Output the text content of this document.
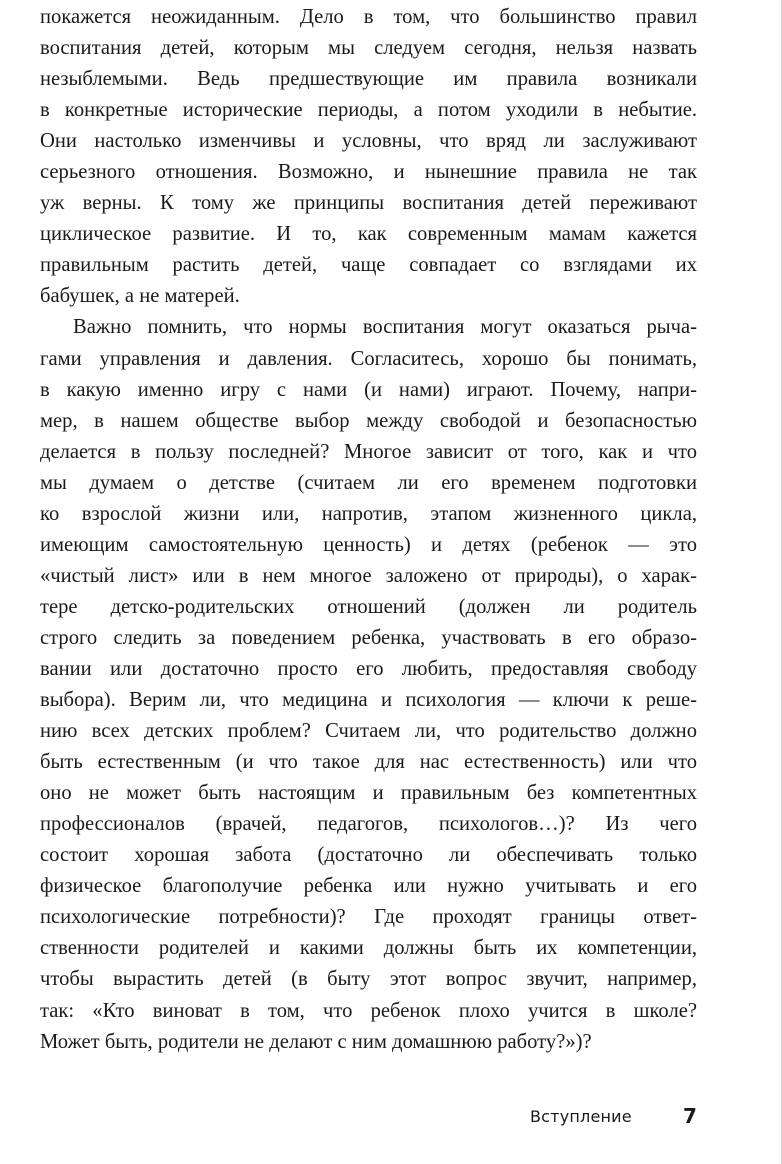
покажется неожиданным. Дело в том, что большинство правил
воспитания детей, которым мы следуем сегодня, нельзя назвать
незыблемыми. Ведь предшествующие им правила возникали
в конкретные исторические периоды, а потом уходили в небытие.
Они настолько изменчивы и условны, что вряд ли заслуживают
серьезного отношения. Возможно, и нынешние правила не так
уж верны. К тому же принципы воспитания детей переживают
циклическое развитие. И то, как современным мамам кажется
правильным растить детей, чаще совпадает со взглядами их
бабушек, а не матерей.
Важно помнить, что нормы воспитания могут оказаться рыча-
гами управления и давления. Согласитесь, хорошо бы понимать,
в какую именно игру с нами (и нами) играют. Почему, напри-
мер, в нашем обществе выбор между свободой и безопасностью
делается в пользу последней? Многое зависит от того, как и что
мы думаем о детстве (считаем ли его временем подготовки
ко взрослой жизни или, напротив, этапом жизненного цикла,
имеющим самостоятельную ценность) и детях (ребенок — это
«чистый лист» или в нем многое заложено от природы), о харак-
тере детско-родительских отношений (должен ли родитель
строго следить за поведением ребенка, участвовать в его образо-
вании или достаточно просто его любить, предоставляя свободу
выбора). Верим ли, что медицина и психология — ключи к реше-
нию всех детских проблем? Считаем ли, что родительство должно
быть естественным (и что такое для нас естественность) или что
оно не может быть настоящим и правильным без компетентных
профессионалов (врачей, педагогов, психологов…)? Из чего
состоит хорошая забота (достаточно ли обеспечивать только
физическое благополучие ребенка или нужно учитывать и его
психологические потребности)? Где проходят границы ответ-
ственности родителей и какими должны быть их компетенции,
чтобы вырастить детей (в быту этот вопрос звучит, например,
так: «Кто виноват в том, что ребенок плохо учится в школе?
Может быть, родители не делают с ним домашнюю работу?»)?
Вступление	7
